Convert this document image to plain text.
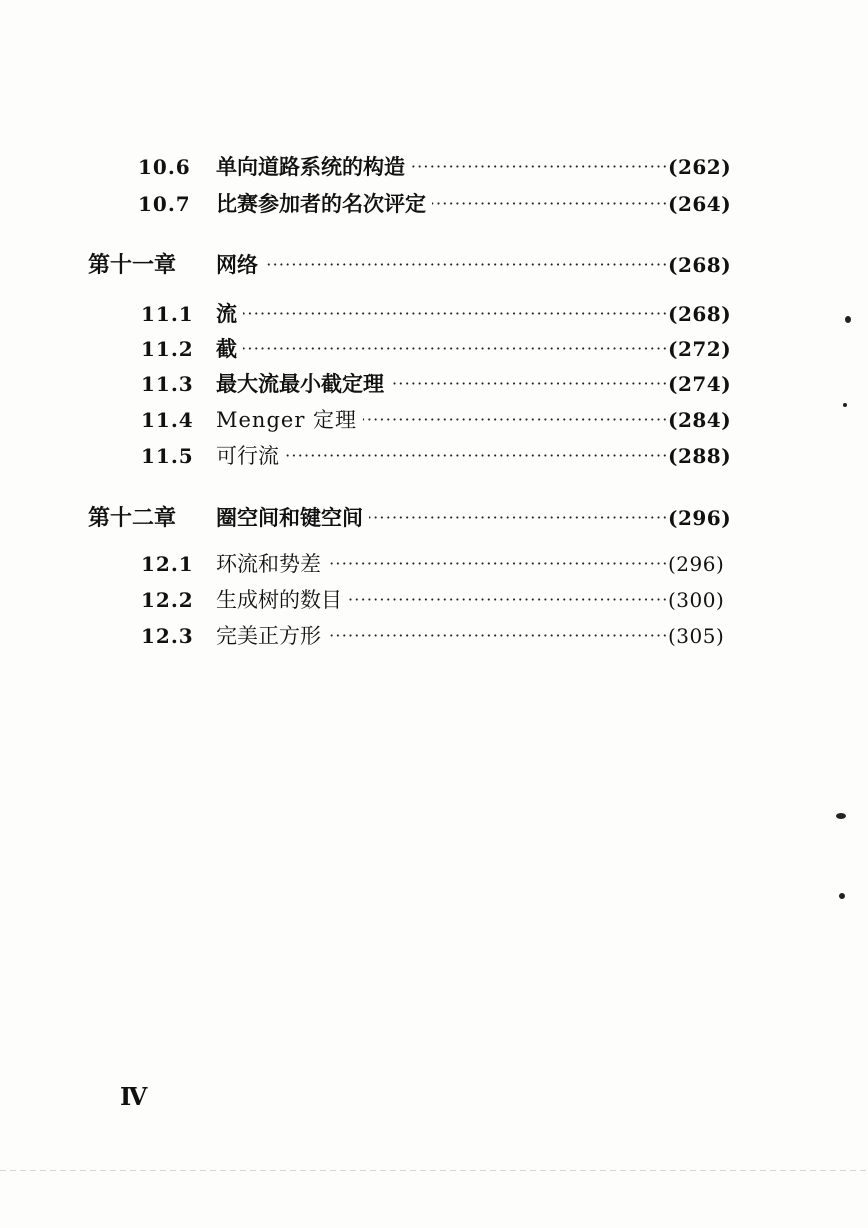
10.6 ····· 单向道路系统的构造	(262)
10.7 ····· 比赛参加者的名次评定	(264)
第十一章 ····· 网络	(268)
11.1 ····· 流	(268)
11.2 ····· 截	(272)
11.3 ····· 最大流最小截定理	(274)
11.4 ····· Menger 定理	(284)
11.5 ····· 可行流	(288)
第十二章 ····· 圈空间和键空间	(296)
12.1 ····· 环流和势差	(296)
12.2 ····· 生成树的数目	(300)
12.3 ····· 完美正方形	(305)
Ⅳ
